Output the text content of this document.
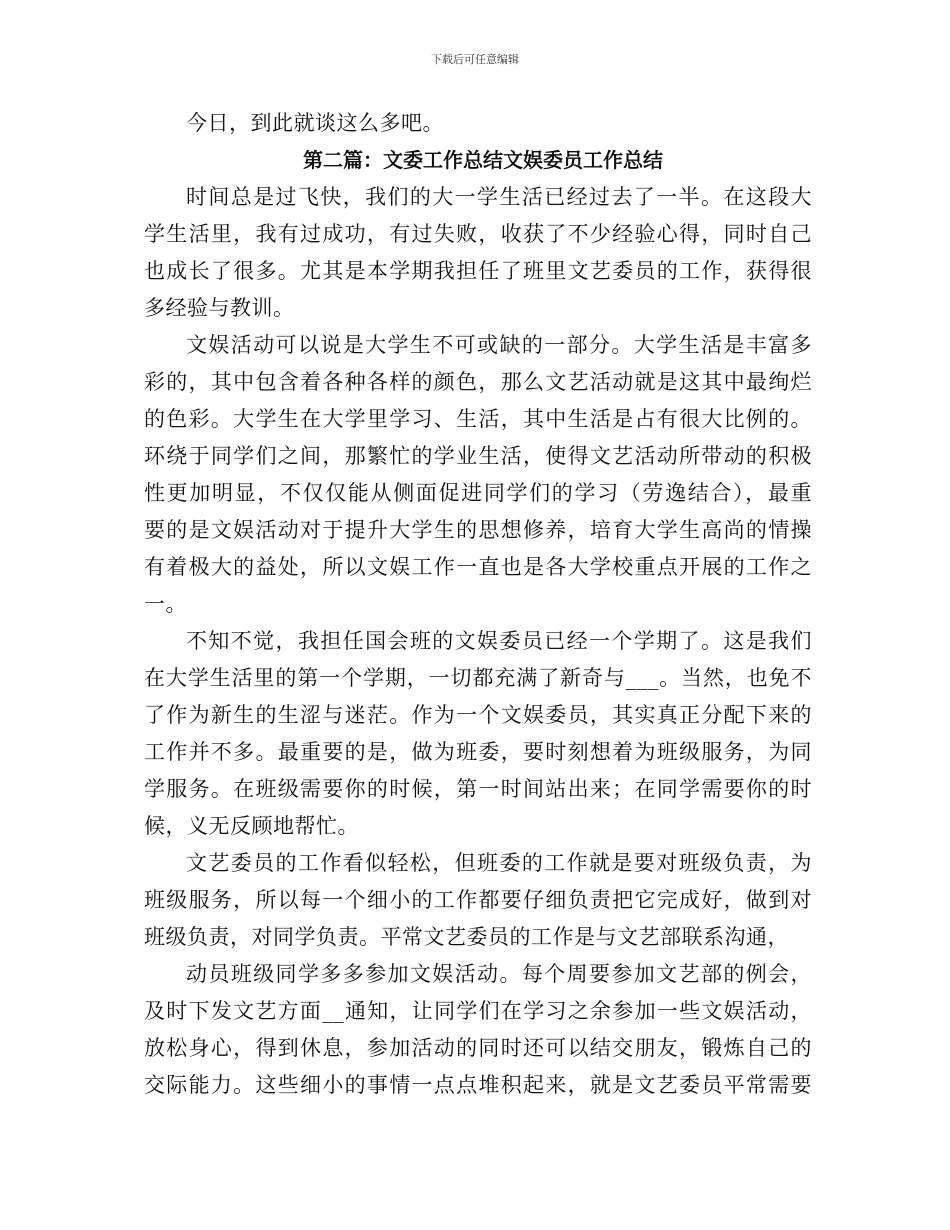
下载后可任意编辑
今日，到此就谈这么多吧。
第二篇：文委工作总结文娱委员工作总结
时间总是过飞快，我们的大一学生活已经过去了一半。在这段大
学生活里，我有过成功，有过失败，收获了不少经验心得，同时自己
也成长了很多。尤其是本学期我担任了班里文艺委员的工作，获得很
多经验与教训。
文娱活动可以说是大学生不可或缺的一部分。大学生活是丰富多
彩的，其中包含着各种各样的颜色，那么文艺活动就是这其中最绚烂
的色彩。大学生在大学里学习、生活，其中生活是占有很大比例的。
环绕于同学们之间，那繁忙的学业生活，使得文艺活动所带动的积极
性更加明显，不仅仅能从侧面促进同学们的学习（劳逸结合），最重
要的是文娱活动对于提升大学生的思想修养，培育大学生高尚的情操
有着极大的益处，所以文娱工作一直也是各大学校重点开展的工作之
一。
不知不觉，我担任国会班的文娱委员已经一个学期了。这是我们
在大学生活里的第一个学期，一切都充满了新奇与___。当然，也免不
了作为新生的生涩与迷茫。作为一个文娱委员，其实真正分配下来的
工作并不多。最重要的是，做为班委，要时刻想着为班级服务，为同
学服务。在班级需要你的时候，第一时间站出来；在同学需要你的时
候，义无反顾地帮忙。
文艺委员的工作看似轻松，但班委的工作就是要对班级负责，为
班级服务，所以每一个细小的工作都要仔细负责把它完成好，做到对
班级负责，对同学负责。平常文艺委员的工作是与文艺部联系沟通，
动员班级同学多多参加文娱活动。每个周要参加文艺部的例会，
及时下发文艺方面__通知，让同学们在学习之余参加一些文娱活动，
放松身心，得到休息，参加活动的同时还可以结交朋友，锻炼自己的
交际能力。这些细小的事情一点点堆积起来，就是文艺委员平常需要
